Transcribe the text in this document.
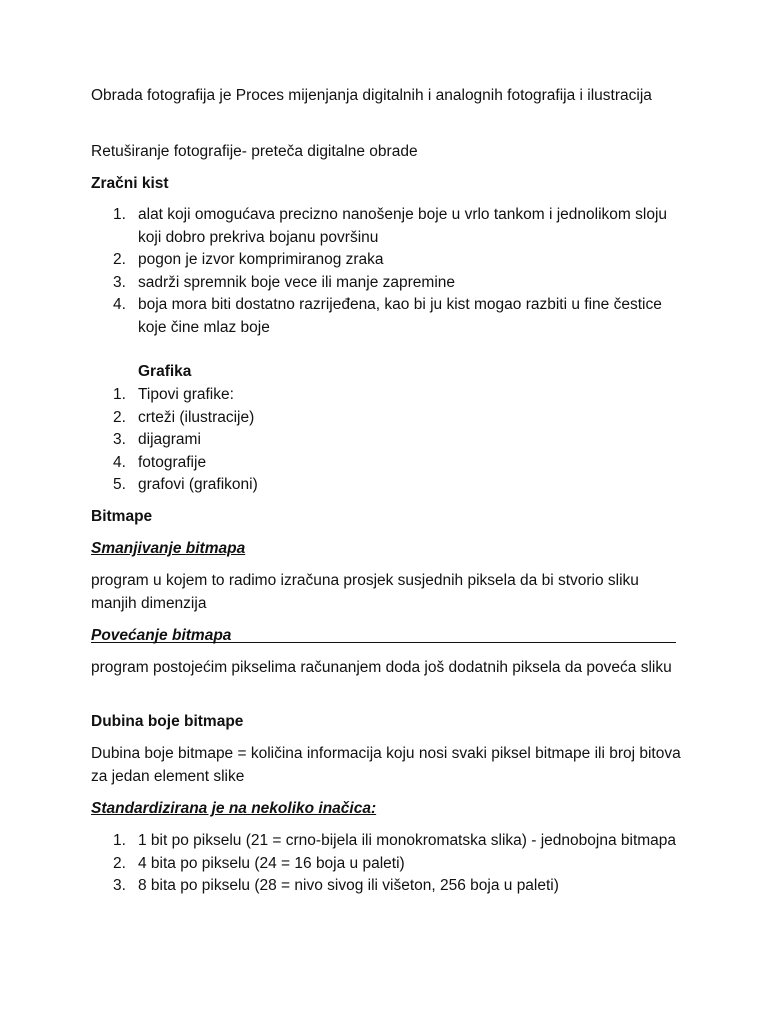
Obrada fotografija je Proces mijenjanja digitalnih i analognih fotografija i ilustracija

Retuširanje fotografije- preteča digitalne obrade

Zračni kist

1. alat koji omogućava precizno nanošenje boje u vrlo tankom i jednolikom sloju koji dobro prekriva bojanu površinu
2. pogon je izvor komprimiranog zraka
3. sadrži spremnik boje vece ili manje zapremine
4. boja mora biti dostatno razrijeđena, kao bi ju kist mogao razbiti u fine čestice koje čine mlaz boje

Grafika

1. Tipovi grafike:
2. crteži (ilustracije)
3. dijagrami
4. fotografije
5. grafovi (grafikoni)

Bitmape

Smanjivanje bitmapa

program u kojem to radimo izračuna prosjek susjednih piksela da bi stvorio sliku manjih dimenzija

Povećanje bitmapa

program postojećim pikselima računanjem doda još dodatnih piksela da poveća sliku

Dubina boje bitmape

Dubina boje bitmape = količina informacija koju nosi svaki piksel bitmape ili broj bitova za jedan element slike

Standardizirana je na nekoliko inačica:

1. 1 bit po pikselu (21 = crno-bijela ili monokromatska slika) - jednobojna bitmapa
2. 4 bita po pikselu (24 = 16 boja u paleti)
3. 8 bita po pikselu (28 = nivo sivog ili višeton, 256 boja u paleti)
